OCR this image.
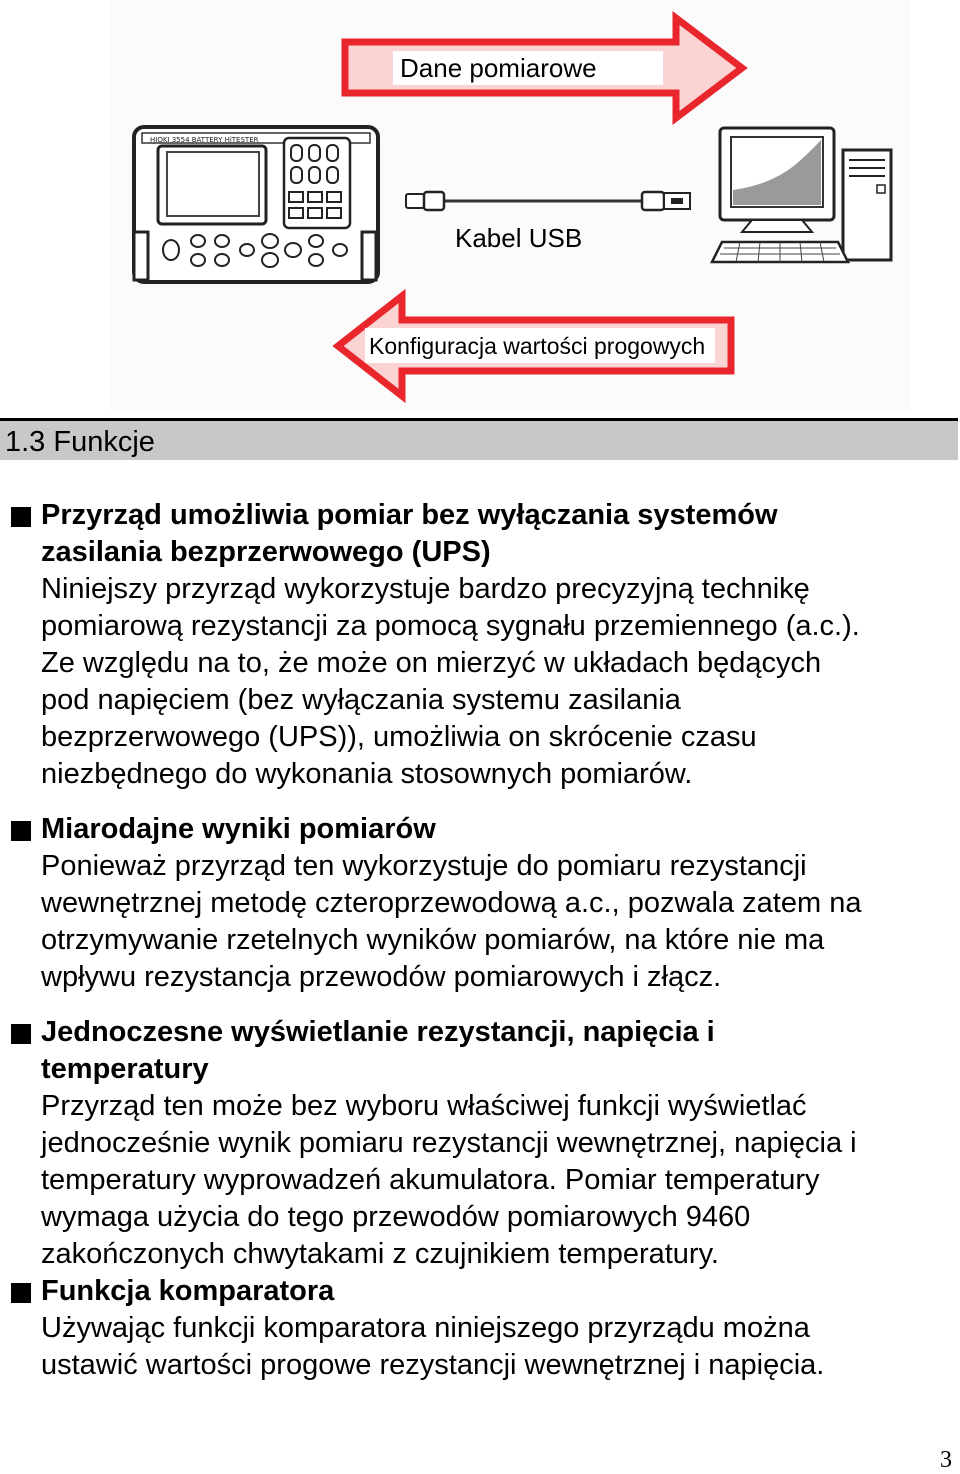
Dane pomiarowe
HIOKI 3554 BATTERY HiTESTER
Kabel USB
Konfiguracja wartości progowych
1.3 Funkcje
Przyrząd umożliwia pomiar bez wyłączania systemów
zasilania bezprzerwowego (UPS)

Niniejszy przyrząd wykorzystuje bardzo precyzyjną technikę

pomiarową rezystancji za pomocą sygnału przemiennego (a.c.).

Ze względu na to, że może on mierzyć w układach będących

pod napięciem (bez wyłączania systemu zasilania

bezprzerwowego (UPS)), umożliwia on skrócenie czasu

niezbędnego do wykonania stosownych pomiarów.

Miarodajne wyniki pomiarów

Ponieważ przyrząd ten wykorzystuje do pomiaru rezystancji

wewnętrznej metodę czteroprzewodową a.c., pozwala zatem na

otrzymywanie rzetelnych wyników pomiarów, na które nie ma

wpływu rezystancja przewodów pomiarowych i złącz.

Jednoczesne wyświetlanie rezystancji, napięcia i
temperatury

Przyrząd ten może bez wyboru właściwej funkcji wyświetlać

jednocześnie wynik pomiaru rezystancji wewnętrznej, napięcia i

temperatury wyprowadzeń akumulatora. Pomiar temperatury

wymaga użycia do tego przewodów pomiarowych 9460

zakończonych chwytakami z czujnikiem temperatury.

Funkcja komparatora

Używając funkcji komparatora niniejszego przyrządu można

ustawić wartości progowe rezystancji wewnętrznej i napięcia.

3
